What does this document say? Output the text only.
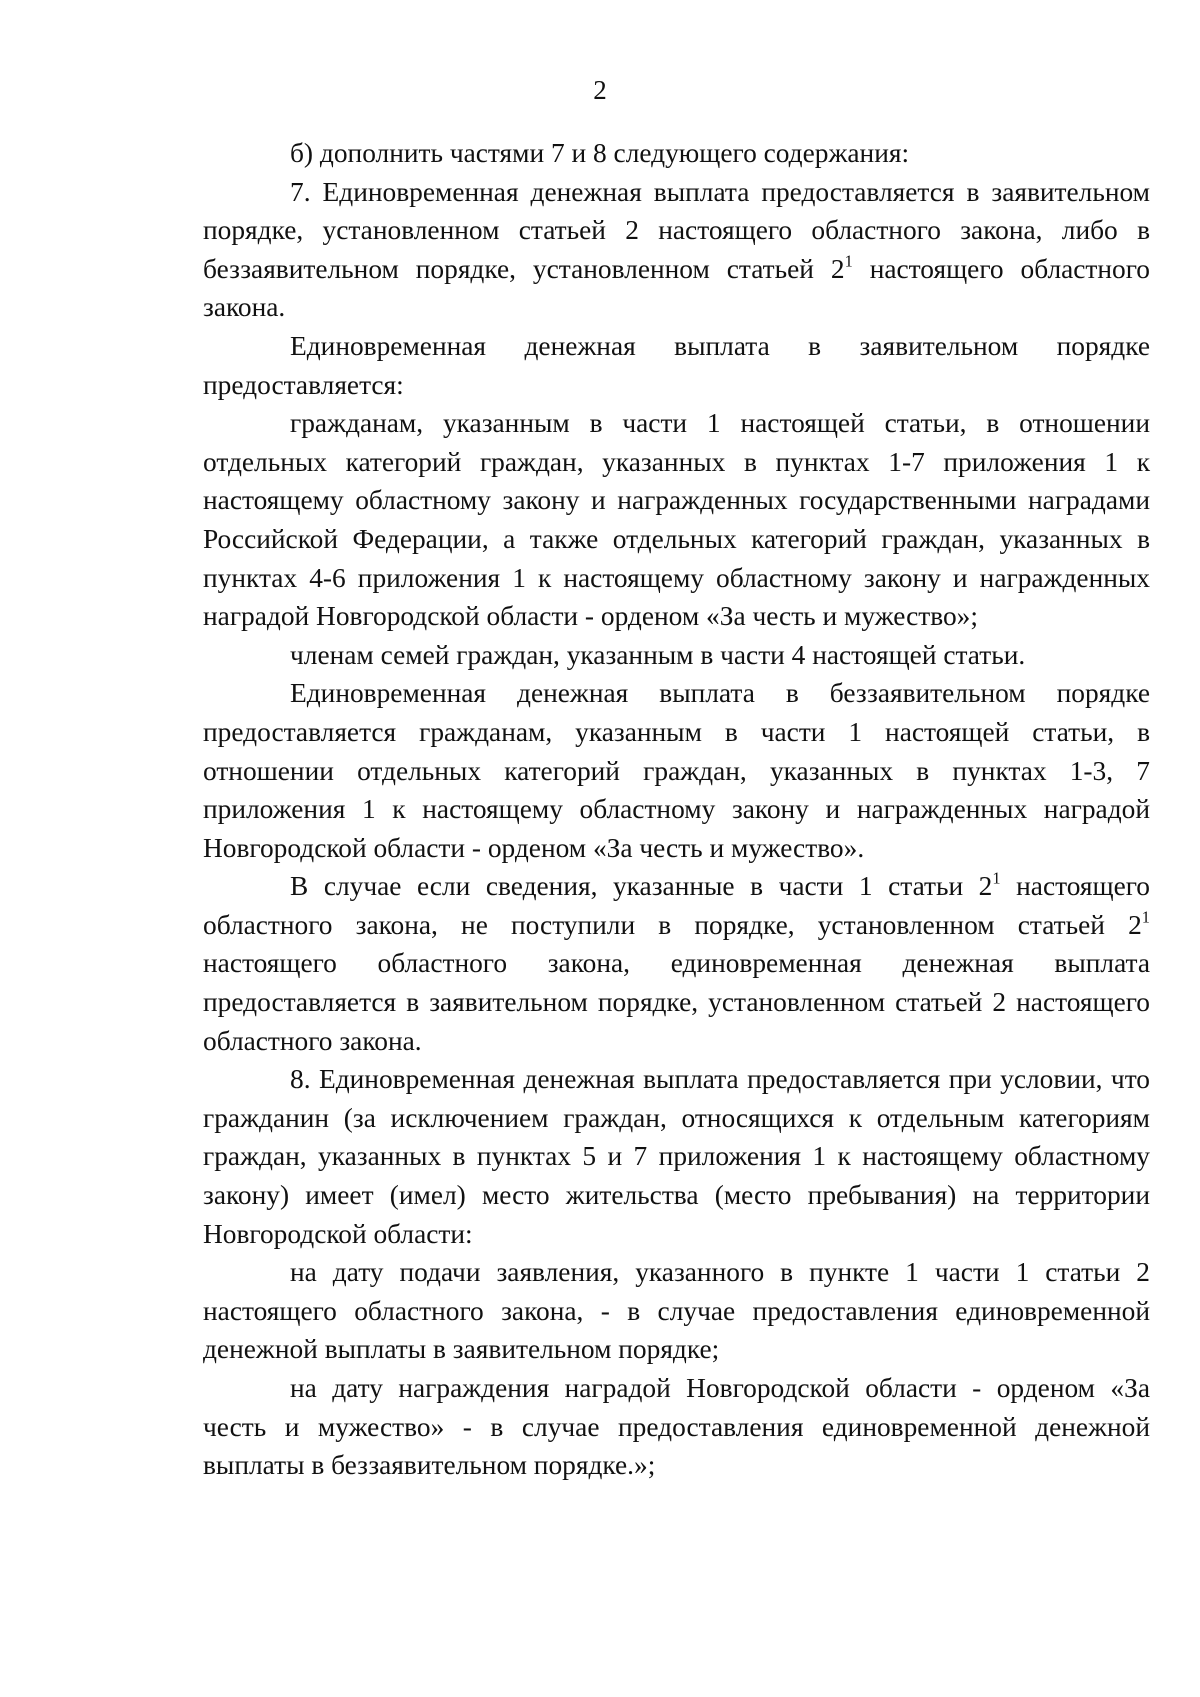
2

б) дополнить частями 7 и 8 следующего содержания:

7. Единовременная денежная выплата предоставляется в заявительном порядке, установленном статьей 2 настоящего областного закона, либо в беззаявительном порядке, установленном статьей $2^1$ настоящего областного закона.

Единовременная денежная выплата в заявительном порядке предоставляется:

гражданам, указанным в части 1 настоящей статьи, в отношении отдельных категорий граждан, указанных в пунктах 1-7 приложения 1 к настоящему областному закону и награжденных государственными наградами Российской Федерации, а также отдельных категорий граждан, указанных в пунктах 4-6 приложения 1 к настоящему областному закону и награжденных наградой Новгородской области - орденом «За честь и мужество»;

членам семей граждан, указанным в части 4 настоящей статьи.

Единовременная денежная выплата в беззаявительном порядке предоставляется гражданам, указанным в части 1 настоящей статьи, в отношении отдельных категорий граждан, указанных в пунктах 1-3, 7 приложения 1 к настоящему областному закону и награжденных наградой Новгородской области - орденом «За честь и мужество».

В случае если сведения, указанные в части 1 статьи $2^1$ настоящего областного закона, не поступили в порядке, установленном статьей $2^1$ настоящего областного закона, единовременная денежная выплата предоставляется в заявительном порядке, установленном статьей 2 настоящего областного закона.

8. Единовременная денежная выплата предоставляется при условии, что гражданин (за исключением граждан, относящихся к отдельным категориям граждан, указанных в пунктах 5 и 7 приложения 1 к настоящему областному закону) имеет (имел) место жительства (место пребывания) на территории Новгородской области:

на дату подачи заявления, указанного в пункте 1 части 1 статьи 2 настоящего областного закона, - в случае предоставления единовременной денежной выплаты в заявительном порядке;

на дату награждения наградой Новгородской области - орденом «За честь и мужество» - в случае предоставления единовременной денежной выплаты в беззаявительном порядке.»;
